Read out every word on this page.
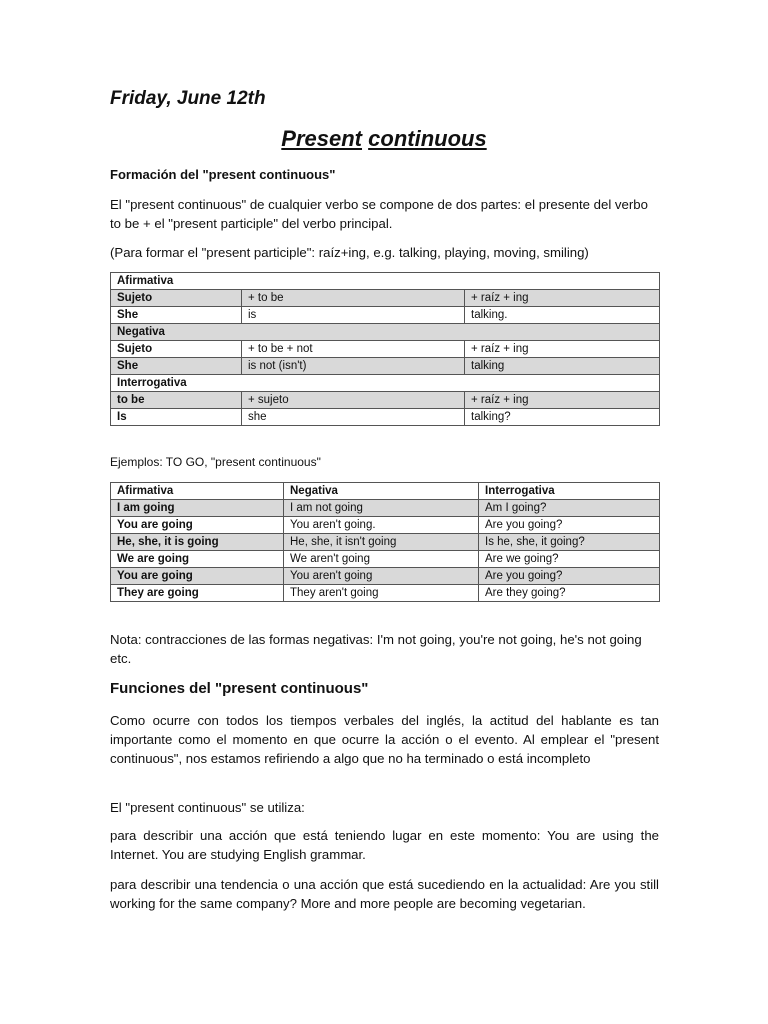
Friday, June 12th
Present continuous
Formación del "present continuous"
El "present continuous" de cualquier verbo se compone de dos partes: el presente del verbo to be + el "present participle" del verbo principal.
(Para formar el "present participle": raíz+ing, e.g. talking, playing, moving, smiling)
Afirmativa		
Sujeto	+ to be	+ raíz + ing
She	is	talking.
Negativa		
Sujeto	+ to be + not	+ raíz + ing
She	is not (isn't)	talking
Interrogativa		
to be	+ sujeto	+ raíz + ing
Is	she	talking?
Ejemplos: TO GO, "present continuous"
Afirmativa	Negativa	Interrogativa
I am going	I am not going	Am I going?
You are going	You aren't going.	Are you going?
He, she, it is going	He, she, it isn't going	Is he, she, it going?
We are going	We aren't going	Are we going?
You are going	You aren't going	Are you going?
They are going	They aren't going	Are they going?
Nota: contracciones de las formas negativas: I'm not going, you're not going, he's not going etc.
Funciones del "present continuous"
Como ocurre con todos los tiempos verbales del inglés, la actitud del hablante es tan importante como el momento en que ocurre la acción o el evento. Al emplear el "present continuous", nos estamos refiriendo a algo que no ha terminado o está incompleto
El "present continuous" se utiliza:
para describir una acción que está teniendo lugar en este momento: You are using the Internet. You are studying English grammar.
para describir una tendencia o una acción que está sucediendo en la actualidad: Are you still working for the same company? More and more people are becoming vegetarian.
